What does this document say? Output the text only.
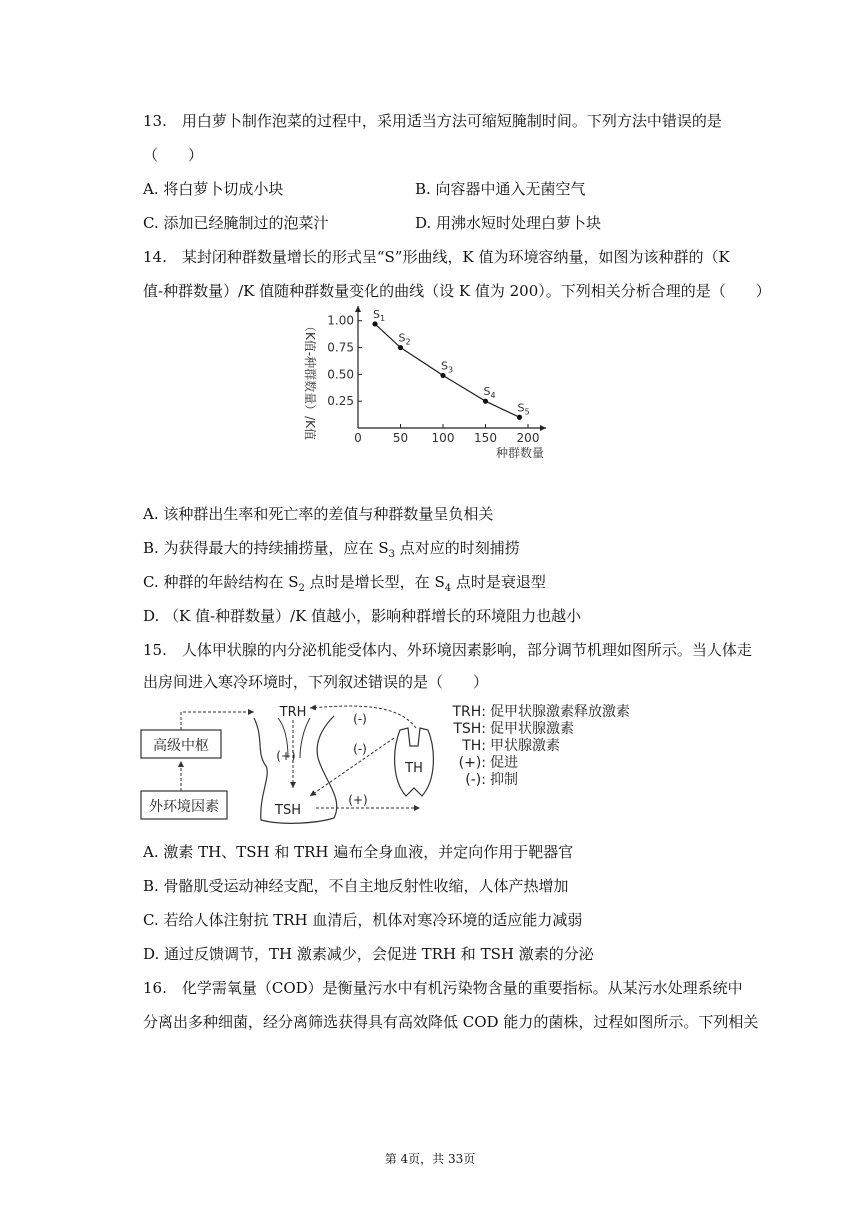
13.　用白萝卜制作泡菜的过程中，采用适当方法可缩短腌制时间。下列方法中错误的是
（　　）
A. 将白萝卜切成小块	B. 向容器中通入无菌空气
C. 添加已经腌制过的泡菜汁	D. 用沸水短时处理白萝卜块
14.　某封闭种群数量增长的形式呈“S”形曲线，K 值为环境容纳量，如图为该种群的（K
值-种群数量）/K 值随种群数量变化的曲线（设 K 值为 200）。下列相关分析合理的是（　　）
（K值-种群数量）/K值	0	50 100 150 200
0.25
0.50
0.75
1.00 $S_1$
$S_2$
$S_3$
$S_4$
$S_5$
种群数量
A. 该种群出生率和死亡率的差值与种群数量呈负相关
B. 为获得最大的持续捕捞量，应在 $S_3$ 点对应的时刻捕捞
C. 种群的年龄结构在 $S_2$ 点时是增长型，在 $S_4$ 点时是衰退型
D. （K 值-种群数量）/K 值越小，影响种群增长的环境阻力也越小
15.　人体甲状腺的内分泌机能受体内、外环境因素影响，部分调节机理如图所示。当人体走
出房间进入寒冷环境时，下列叙述错误的是（　　）
高级中枢
外环境因素
TRH
(+)
TSH
(+)
TH
(-)
(-)
TRH: 促甲状腺激素释放激素
TSH: 促甲状腺激素
TH: 甲状腺激素
(+): 促进
(-): 抑制
A. 激素 TH、TSH 和 TRH 遍布全身血液，并定向作用于靶器官
B. 骨骼肌受运动神经支配，不自主地反射性收缩，人体产热增加
C. 若给人体注射抗 TRH 血清后，机体对寒冷环境的适应能力减弱
D. 通过反馈调节，TH 激素减少，会促进 TRH 和 TSH 激素的分泌
16.　化学需氧量（COD）是衡量污水中有机污染物含量的重要指标。从某污水处理系统中
分离出多种细菌，经分离筛选获得具有高效降低 COD 能力的菌株，过程如图所示。下列相关
第 4页，共 33页
